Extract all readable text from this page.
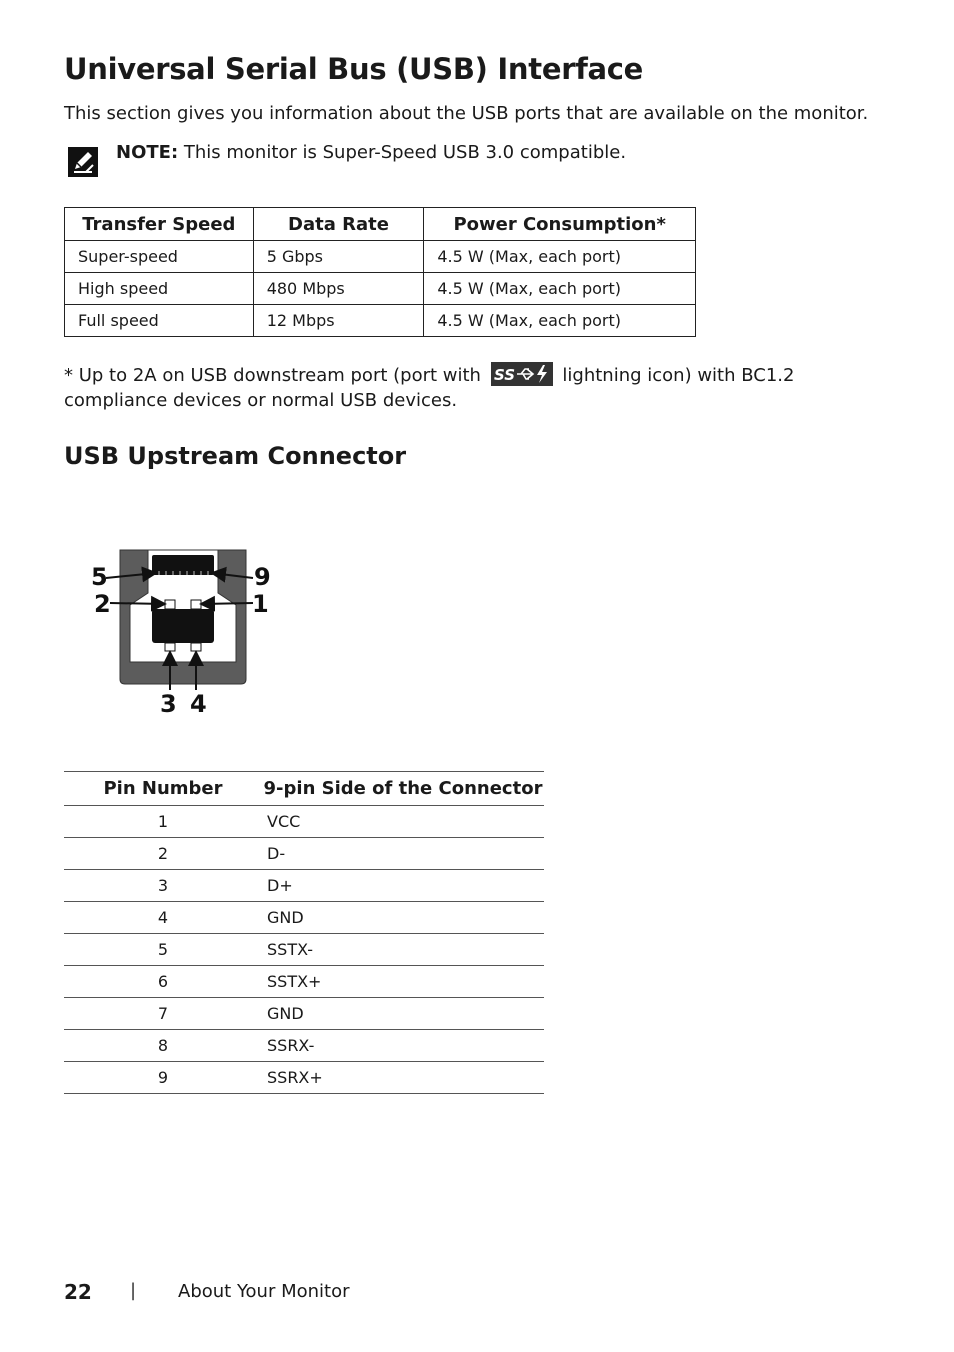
Universal Serial Bus (USB) Interface
This section gives you information about the USB ports that are available on the monitor.
NOTE: This monitor is Super-Speed USB 3.0 compatible.
Transfer Speed	Data Rate	Power Consumption*
Super-speed	5 Gbps	4.5 W (Max, each port)
High speed	480 Mbps	4.5 W (Max, each port)
Full speed	12 Mbps	4.5 W (Max, each port)
* Up to 2A on USB downstream port (port with SS lightning icon) with BC1.2 compliance devices or normal USB devices.
USB Upstream Connector
5	9
2	1
3 4
Pin Number	9-pin Side of the Connector
1	VCC
2	D-
3	D+
4	GND
5	SSTX-
6	SSTX+
7	GND
8	SSRX-
9	SSRX+
22 | About Your Monitor
